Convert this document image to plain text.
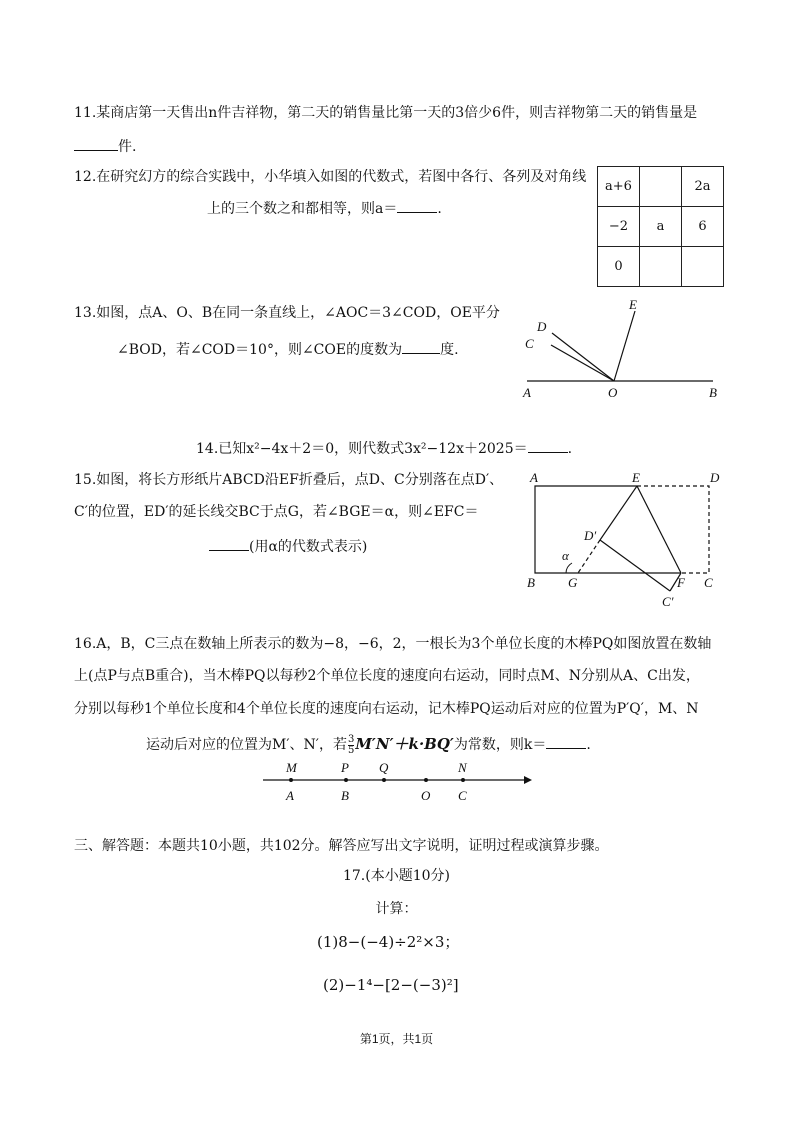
11.某商店第一天售出n件吉祥物，第二天的销售量比第一天的3倍少6件，则吉祥物第二天的销售量是
件.
12.在研究幻方的综合实践中，小华填入如图的代数式，若图中各行、各列及对角线
上的三个数之和都相等，则a＝	.
a+6		2a
−2	a	6
0		
13.如图，点A、O、B在同一条直线上，∠AOC＝3∠COD，OE平分
∠BOD，若∠COD＝10°，则∠COE的度数为	度.
A	O	B
C
D
E
14.已知x²−4x＋2＝0，则代数式3x²−12x＋2025＝	.
15.如图，将长方形纸片ABCD沿EF折叠后，点D、C分别落在点D′、
C′的位置，ED′的延长线交BC于点G，若∠BGE＝α，则∠EFC＝
(用α的代数式表示)
A	E	D
D′
α
B	G	F C
C′
16.A，B，C三点在数轴上所表示的数为−8，−6，2，一根长为3个单位长度的木棒PQ如图放置在数轴
上(点P与点B重合)，当木棒PQ以每秒2个单位长度的速度向右运动，同时点M、N分别从A、C出发，
分别以每秒1个单位长度和4个单位长度的速度向右运动，记木棒PQ运动后对应的位置为P′Q′，M、N
运动后对应的位置为M′、N′，若 $\frac{3}{5} M'N'+k\cdot BQ'$为常数，则k＝	.
M	P Q	N
A	B	O C
三、解答题：本题共10小题，共102分。解答应写出文字说明，证明过程或演算步骤。
17.(本小题10分)
计算：
(1)8−(−4)÷2²×3；
(2)−1⁴−[2−(−3)²]
第1页，共1页
